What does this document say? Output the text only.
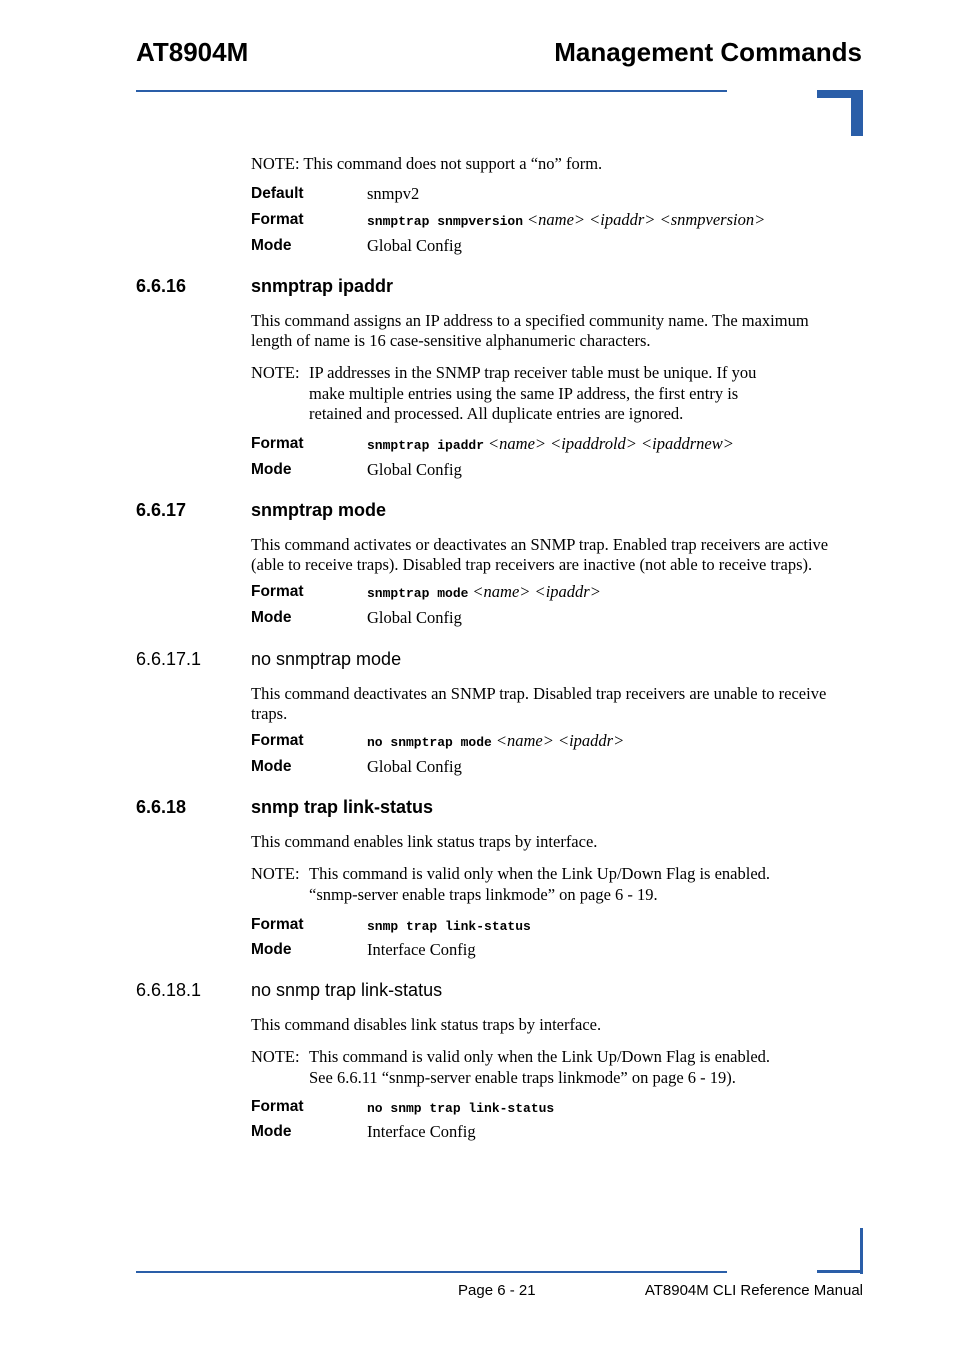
AT8904M	Management Commands
NOTE: This command does not support a “no” form.
Default	snmpv2
Format	snmptrap snmpversion <name> <ipaddr> <snmpversion>
Mode	Global Config
6.6.16	snmptrap ipaddr
This command assigns an IP address to a specified community name. The maximum
length of name is 16 case-sensitive alphanumeric characters.
NOTE: IP addresses in the SNMP trap receiver table must be unique. If you
make multiple entries using the same IP address, the first entry is
retained and processed. All duplicate entries are ignored.
Format	snmptrap ipaddr <name> <ipaddrold> <ipaddrnew>
Mode	Global Config
6.6.17	snmptrap mode
This command activates or deactivates an SNMP trap. Enabled trap receivers are active
(able to receive traps). Disabled trap receivers are inactive (not able to receive traps).
Format	snmptrap mode <name> <ipaddr>
Mode	Global Config
6.6.17.1	no snmptrap mode
This command deactivates an SNMP trap. Disabled trap receivers are unable to receive
traps.
Format	no snmptrap mode <name> <ipaddr>
Mode	Global Config
6.6.18	snmp trap link-status
This command enables link status traps by interface.
NOTE: This command is valid only when the Link Up/Down Flag is enabled.
“snmp-server enable traps linkmode” on page 6 - 19.
Format	snmp trap link-status
Mode	Interface Config
6.6.18.1	no snmp trap link-status
This command disables link status traps by interface.
NOTE: This command is valid only when the Link Up/Down Flag is enabled.
See 6.6.11 “snmp-server enable traps linkmode” on page 6 - 19).
Format	no snmp trap link-status
Mode	Interface Config
Page 6 - 21	AT8904M CLI Reference Manual
